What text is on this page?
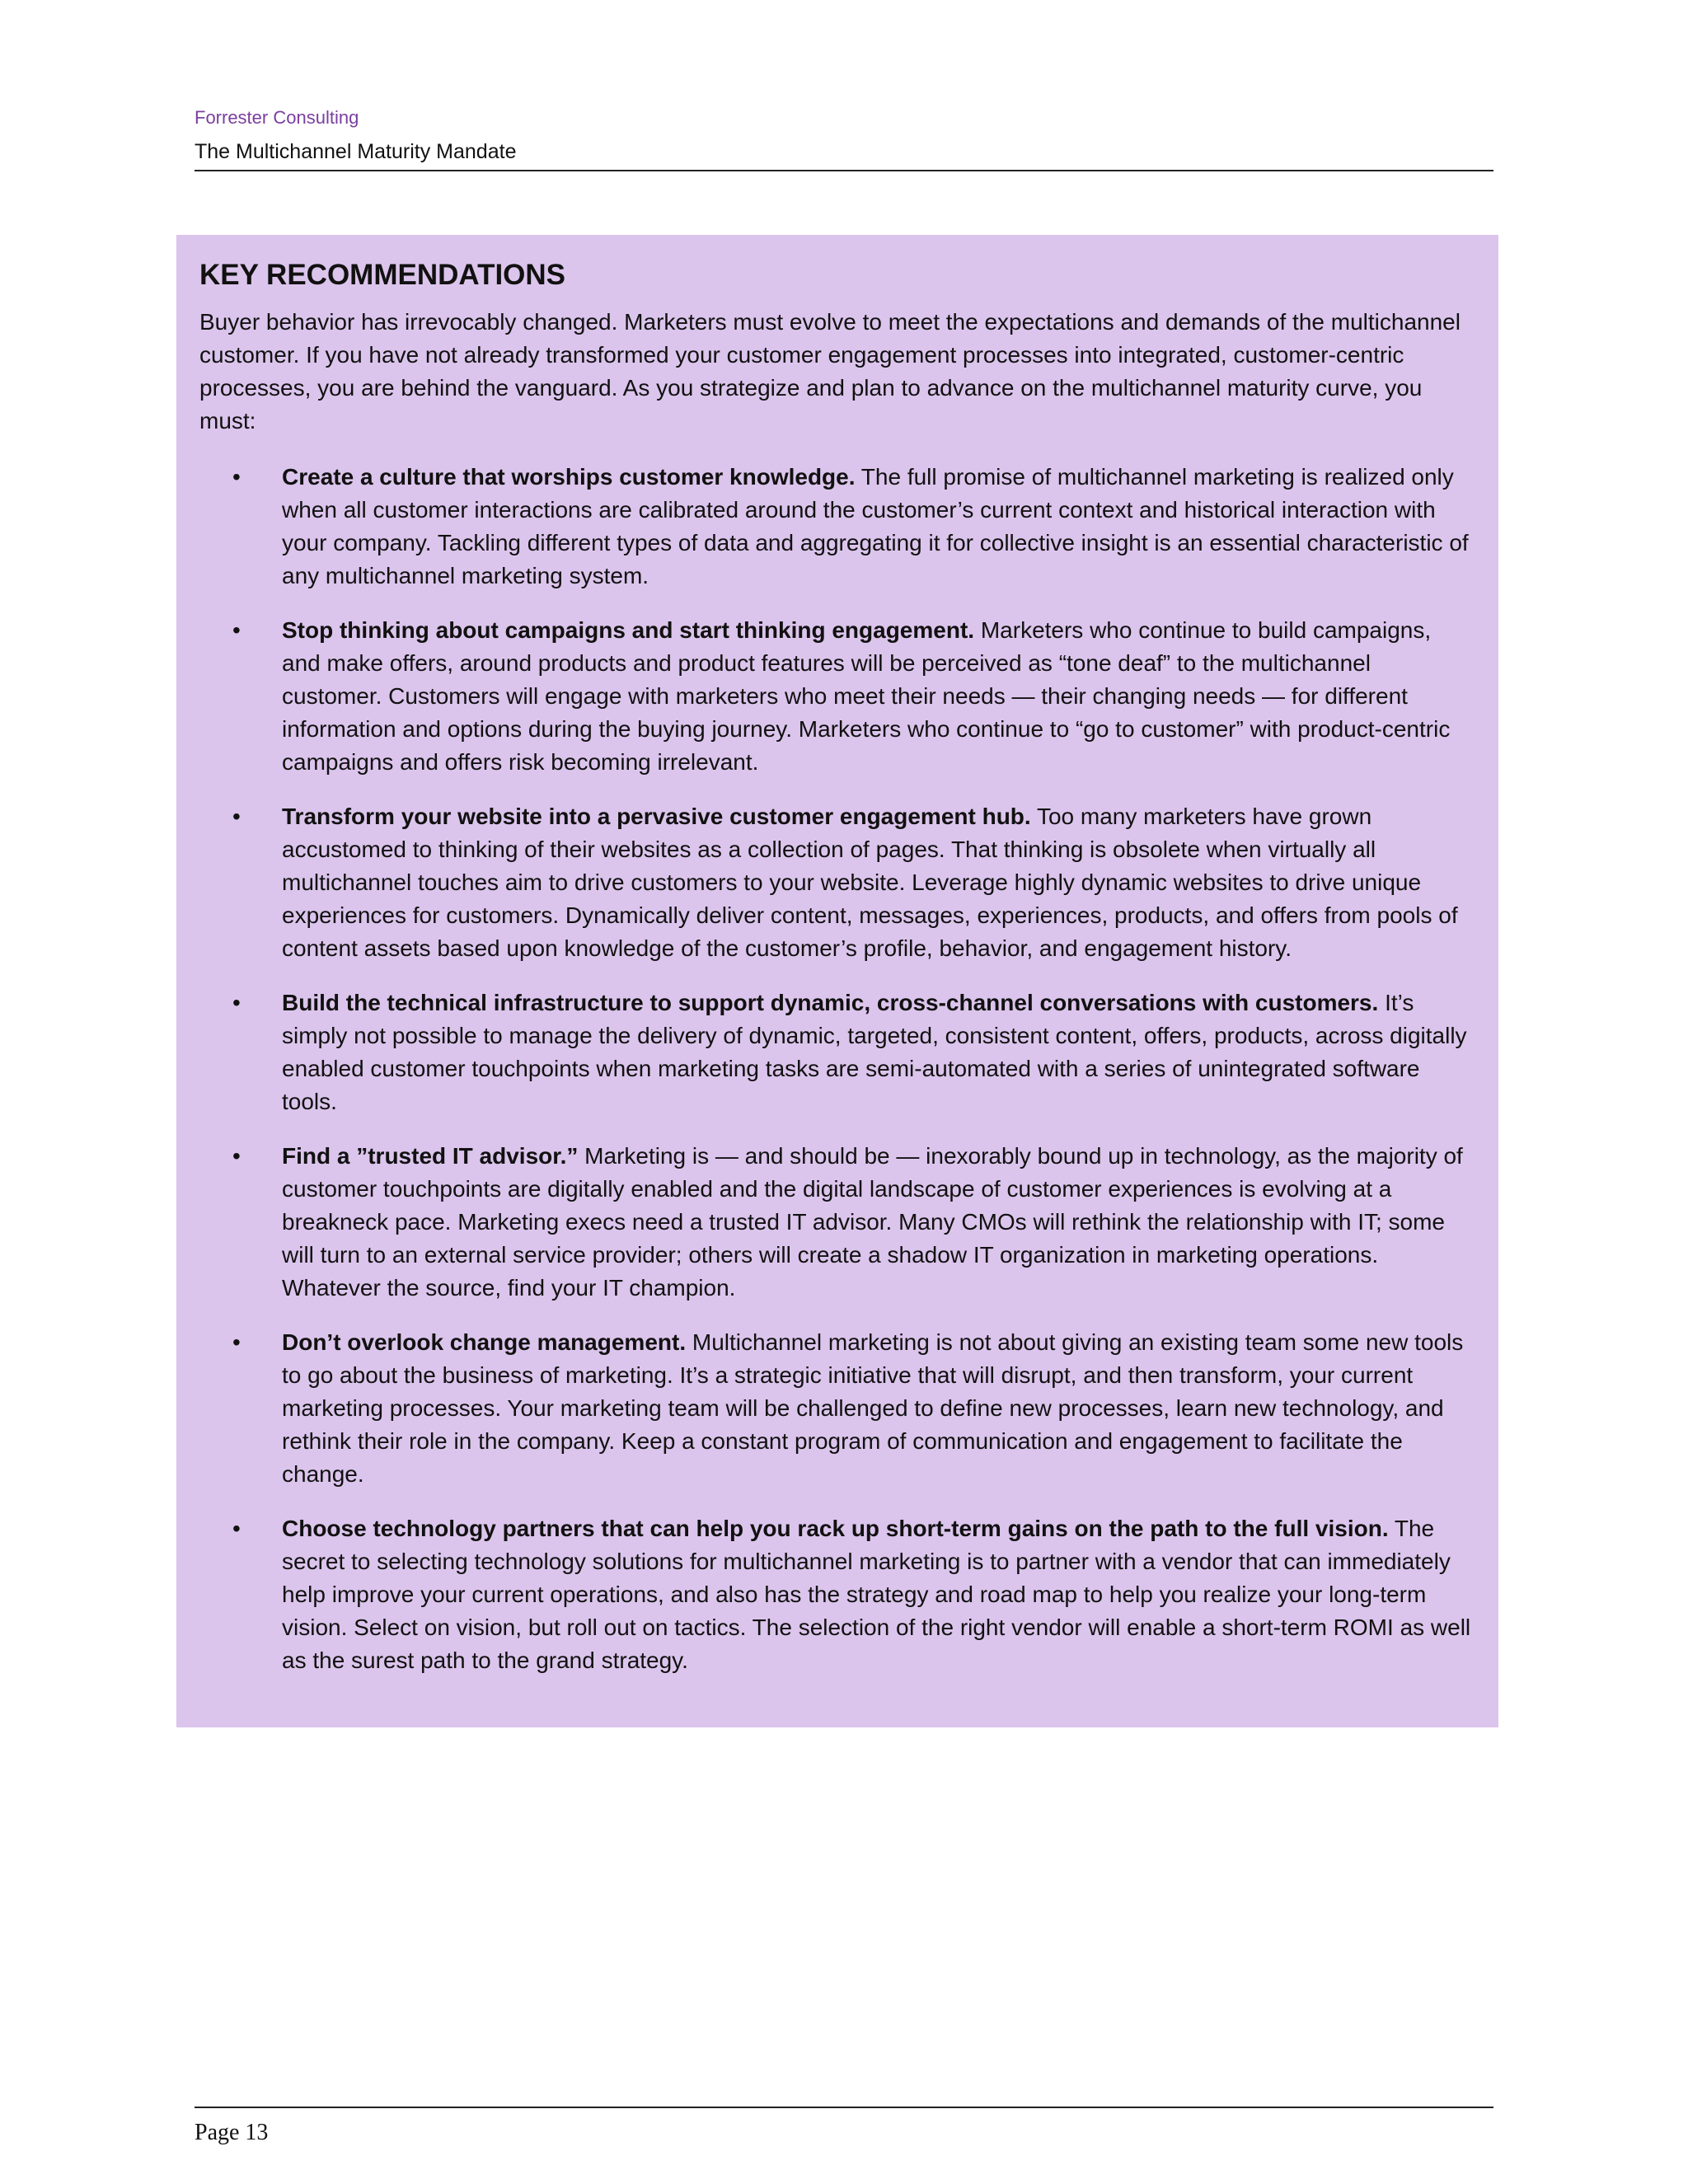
Forrester Consulting
The Multichannel Maturity Mandate
KEY RECOMMENDATIONS

Buyer behavior has irrevocably changed. Marketers must evolve to meet the expectations and demands of the multichannel customer. If you have not already transformed your customer engagement processes into integrated, customer-centric processes, you are behind the vanguard. As you strategize and plan to advance on the multichannel maturity curve, you must:

• Create a culture that worships customer knowledge. The full promise of multichannel marketing is realized only when all customer interactions are calibrated around the customer’s current context and historical interaction with your company. Tackling different types of data and aggregating it for collective insight is an essential characteristic of any multichannel marketing system.
• Stop thinking about campaigns and start thinking engagement. Marketers who continue to build campaigns, and make offers, around products and product features will be perceived as “tone deaf” to the multichannel customer. Customers will engage with marketers who meet their needs — their changing needs — for different information and options during the buying journey. Marketers who continue to “go to customer” with product-centric campaigns and offers risk becoming irrelevant.
• Transform your website into a pervasive customer engagement hub. Too many marketers have grown accustomed to thinking of their websites as a collection of pages. That thinking is obsolete when virtually all multichannel touches aim to drive customers to your website. Leverage highly dynamic websites to drive unique experiences for customers. Dynamically deliver content, messages, experiences, products, and offers from pools of content assets based upon knowledge of the customer’s profile, behavior, and engagement history.
• Build the technical infrastructure to support dynamic, cross-channel conversations with customers. It’s simply not possible to manage the delivery of dynamic, targeted, consistent content, offers, products, across digitally enabled customer touchpoints when marketing tasks are semi-automated with a series of unintegrated software tools.
• Find a ”trusted IT advisor.” Marketing is — and should be — inexorably bound up in technology, as the majority of customer touchpoints are digitally enabled and the digital landscape of customer experiences is evolving at a breakneck pace. Marketing execs need a trusted IT advisor. Many CMOs will rethink the relationship with IT; some will turn to an external service provider; others will create a shadow IT organization in marketing operations. Whatever the source, find your IT champion.
• Don’t overlook change management. Multichannel marketing is not about giving an existing team some new tools to go about the business of marketing. It’s a strategic initiative that will disrupt, and then transform, your current marketing processes. Your marketing team will be challenged to define new processes, learn new technology, and rethink their role in the company. Keep a constant program of communication and engagement to facilitate the change.
• Choose technology partners that can help you rack up short-term gains on the path to the full vision. The secret to selecting technology solutions for multichannel marketing is to partner with a vendor that can immediately help improve your current operations, and also has the strategy and road map to help you realize your long-term vision. Select on vision, but roll out on tactics. The selection of the right vendor will enable a short-term ROMI as well as the surest path to the grand strategy.
Page 13
